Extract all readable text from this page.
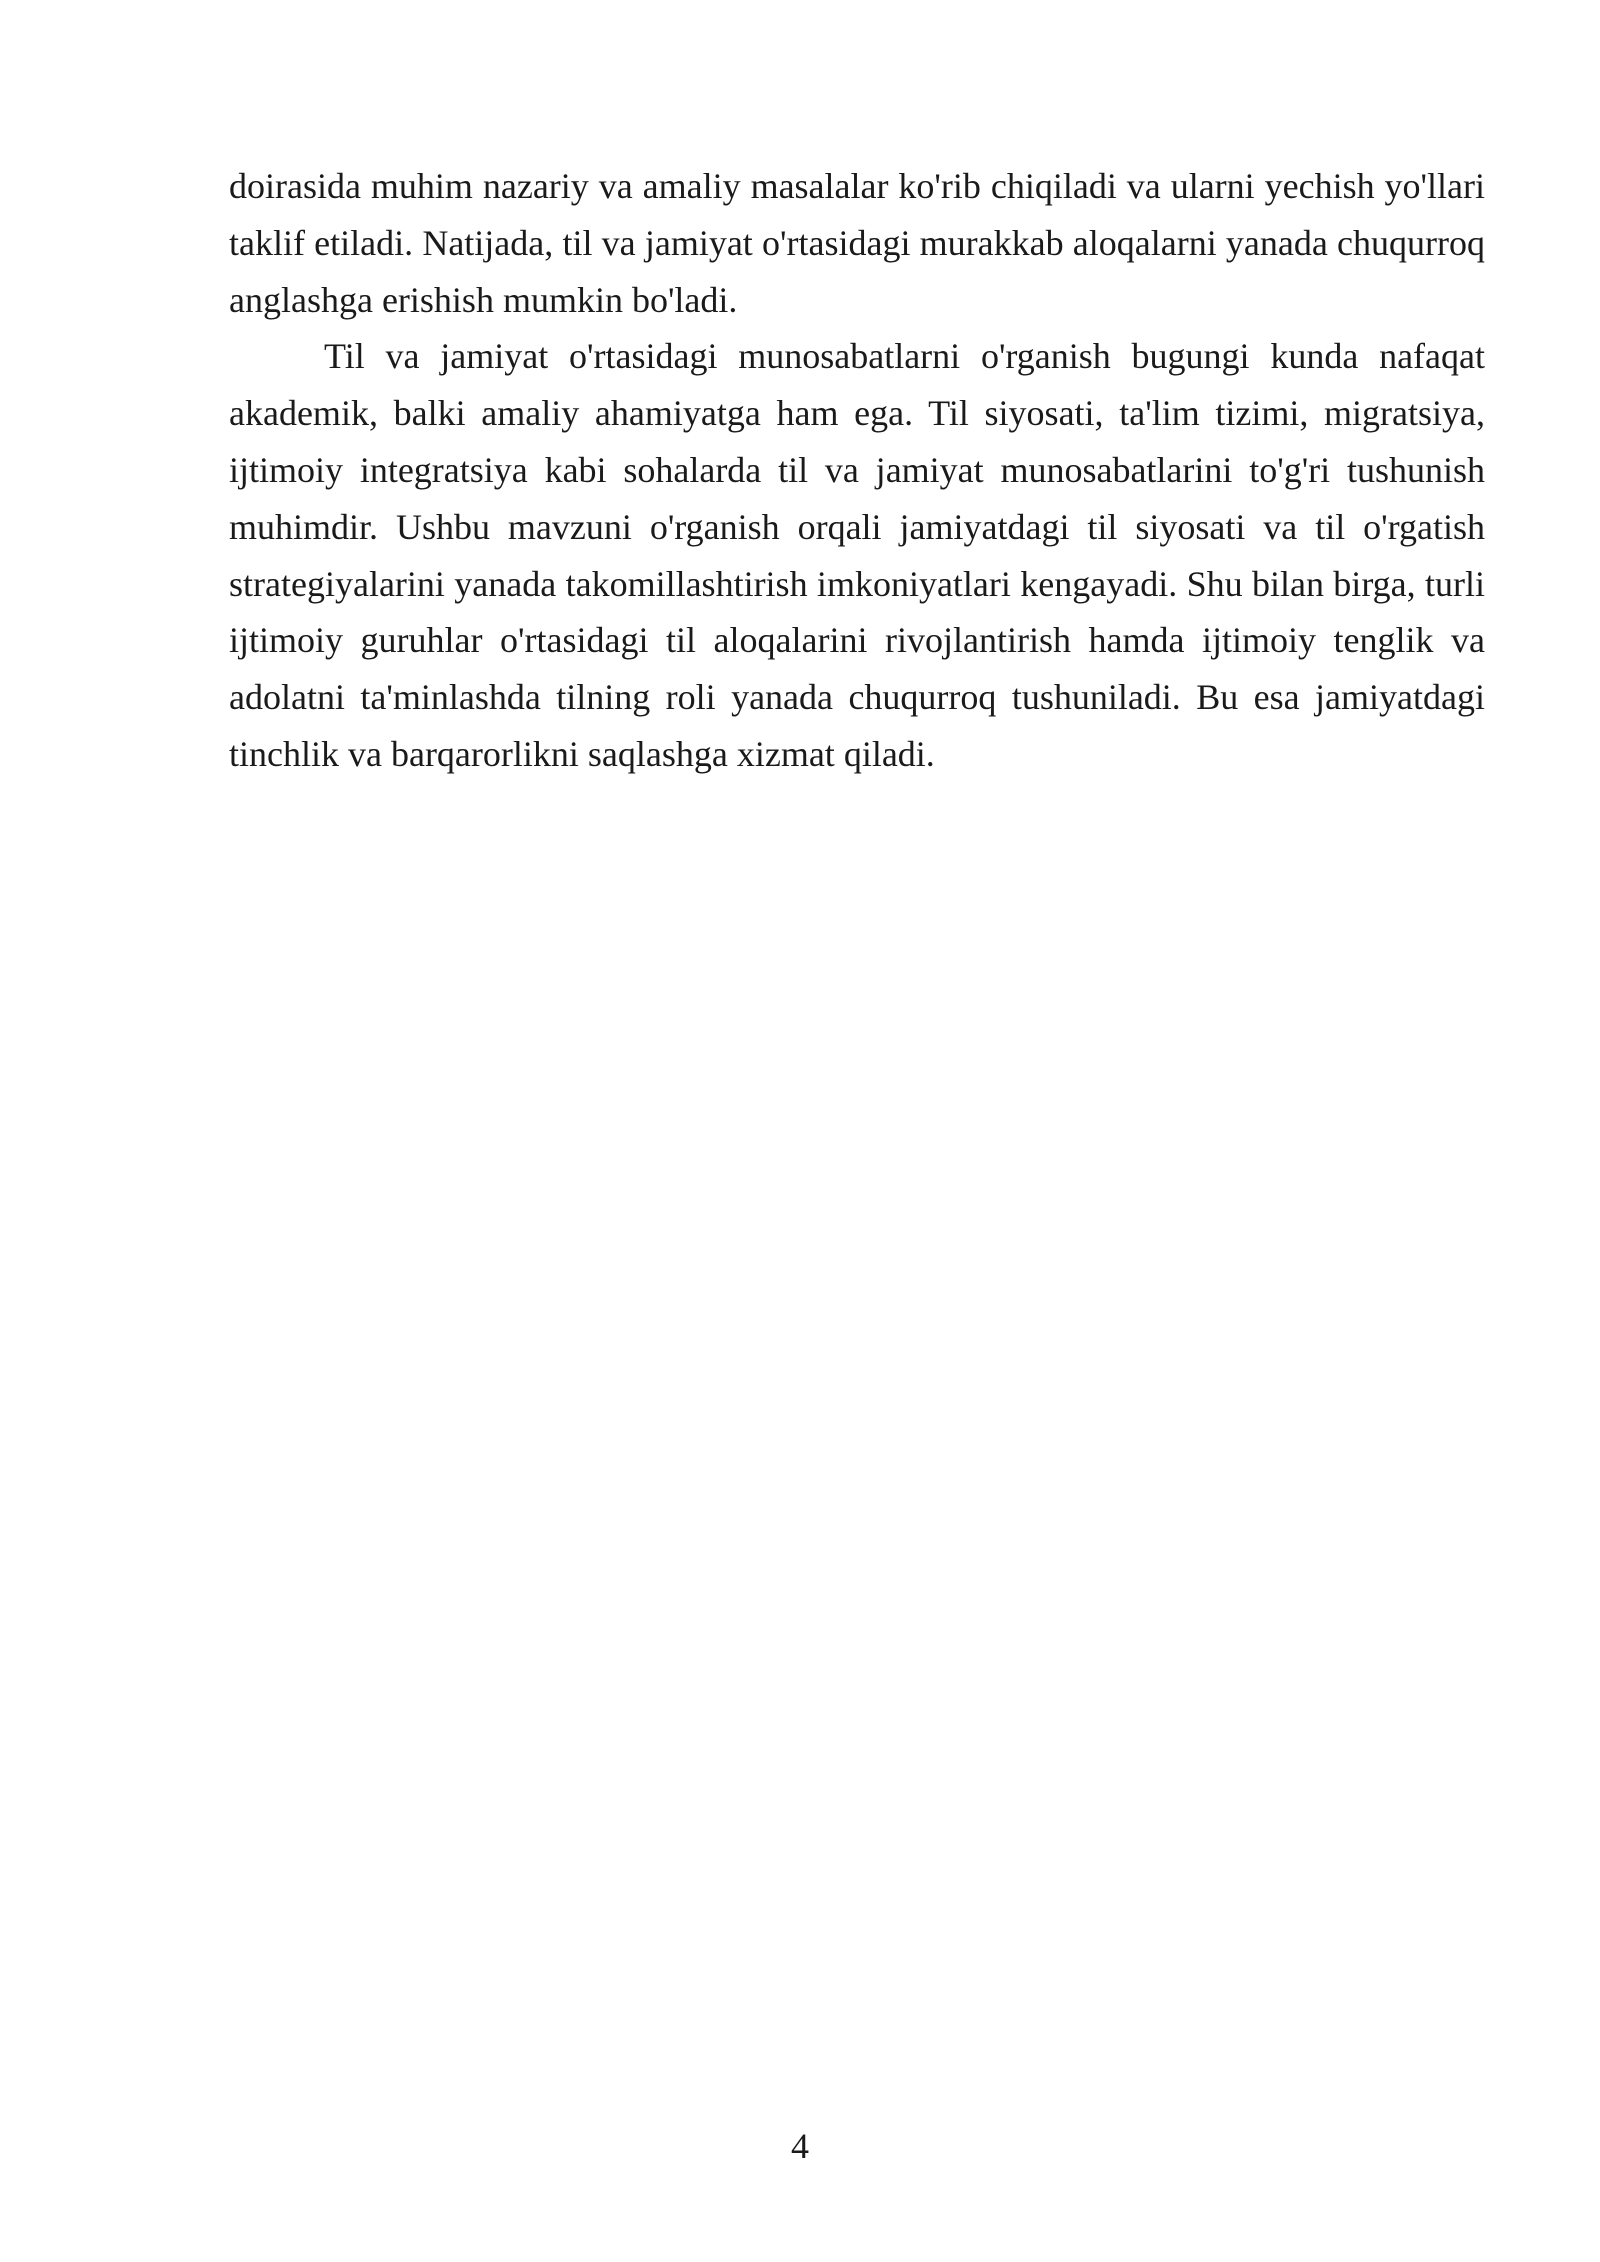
doirasida muhim nazariy va amaliy masalalar ko'rib chiqiladi va ularni yechish yo'llari taklif etiladi. Natijada, til va jamiyat o'rtasidagi murakkab aloqalarni yanada chuqurroq anglashga erishish mumkin bo'ladi.

Til va jamiyat o'rtasidagi munosabatlarni o'rganish bugungi kunda nafaqat akademik, balki amaliy ahamiyatga ham ega. Til siyosati, ta'lim tizimi, migratsiya, ijtimoiy integratsiya kabi sohalarda til va jamiyat munosabatlarini to'g'ri tushunish muhimdir. Ushbu mavzuni o'rganish orqali jamiyatdagi til siyosati va til o'rgatish strategiyalarini yanada takomillashtirish imkoniyatlari kengayadi. Shu bilan birga, turli ijtimoiy guruhlar o'rtasidagi til aloqalarini rivojlantirish hamda ijtimoiy tenglik va adolatni ta'minlashda tilning roli yanada chuqurroq tushuniladi. Bu esa jamiyatdagi tinchlik va barqarorlikni saqlashga xizmat qiladi.

4
